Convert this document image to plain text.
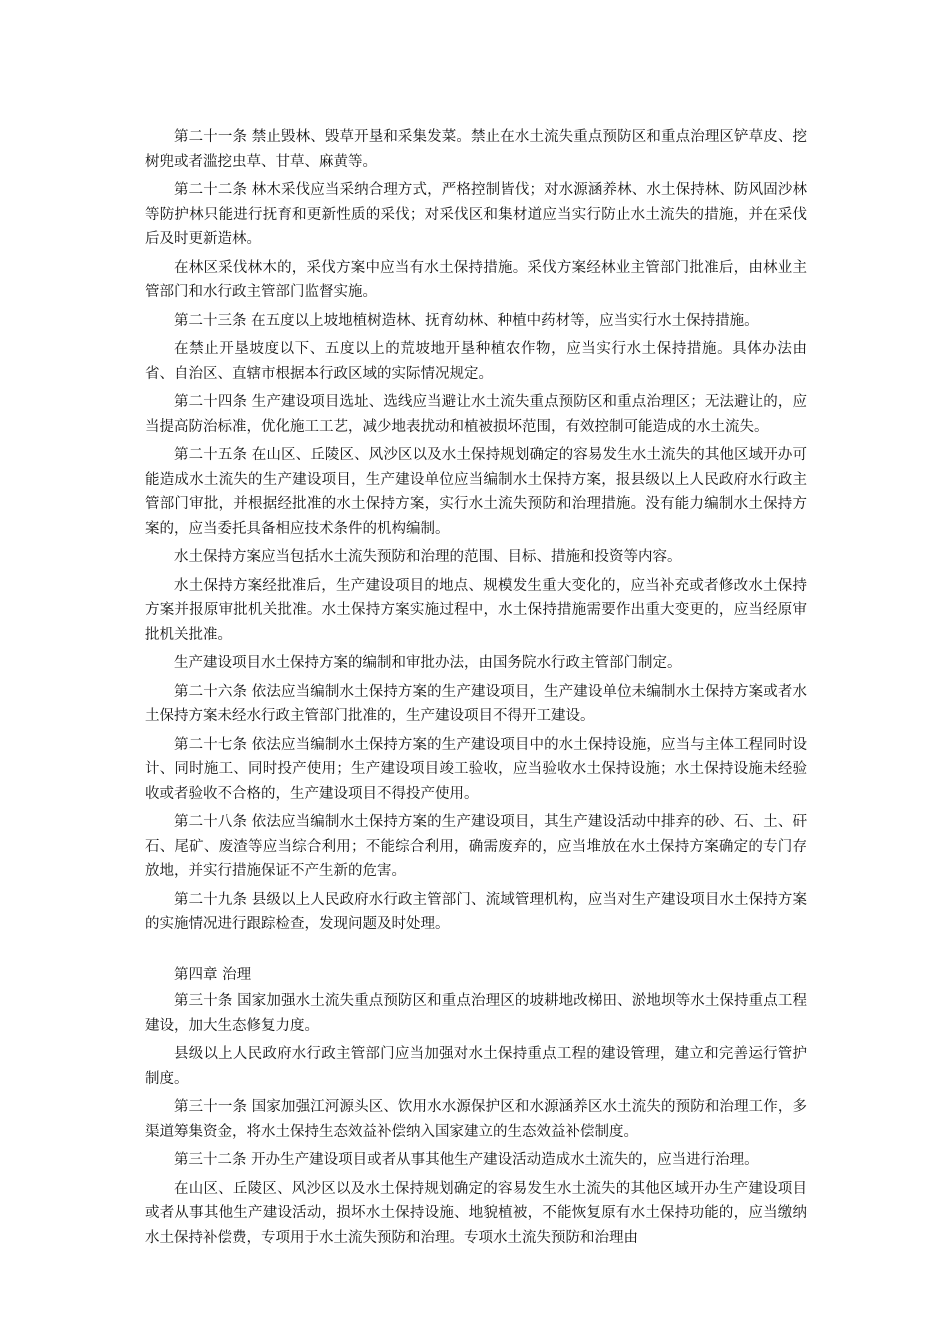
第二十一条 禁止毁林、毁草开垦和采集发菜。禁止在水土流失重点预防区和重点治理区铲草皮、挖树兜或者滥挖虫草、甘草、麻黄等。

第二十二条 林木采伐应当采纳合理方式，严格控制皆伐；对水源涵养林、水土保持林、防风固沙林等防护林只能进行抚育和更新性质的采伐；对采伐区和集材道应当实行防止水土流失的措施，并在采伐后及时更新造林。

在林区采伐林木的，采伐方案中应当有水土保持措施。采伐方案经林业主管部门批准后，由林业主管部门和水行政主管部门监督实施。

第二十三条 在五度以上坡地植树造林、抚育幼林、种植中药材等，应当实行水土保持措施。

在禁止开垦坡度以下、五度以上的荒坡地开垦种植农作物，应当实行水土保持措施。具体办法由省、自治区、直辖市根据本行政区域的实际情况规定。

第二十四条 生产建设项目选址、选线应当避让水土流失重点预防区和重点治理区；无法避让的，应当提高防治标准，优化施工工艺，减少地表扰动和植被损坏范围，有效控制可能造成的水土流失。

第二十五条 在山区、丘陵区、风沙区以及水土保持规划确定的容易发生水土流失的其他区域开办可能造成水土流失的生产建设项目，生产建设单位应当编制水土保持方案，报县级以上人民政府水行政主管部门审批，并根据经批准的水土保持方案，实行水土流失预防和治理措施。没有能力编制水土保持方案的，应当委托具备相应技术条件的机构编制。

水土保持方案应当包括水土流失预防和治理的范围、目标、措施和投资等内容。

水土保持方案经批准后，生产建设项目的地点、规模发生重大变化的，应当补充或者修改水土保持方案并报原审批机关批准。水土保持方案实施过程中，水土保持措施需要作出重大变更的，应当经原审批机关批准。

生产建设项目水土保持方案的编制和审批办法，由国务院水行政主管部门制定。

第二十六条 依法应当编制水土保持方案的生产建设项目，生产建设单位未编制水土保持方案或者水土保持方案未经水行政主管部门批准的，生产建设项目不得开工建设。

第二十七条 依法应当编制水土保持方案的生产建设项目中的水土保持设施，应当与主体工程同时设计、同时施工、同时投产使用；生产建设项目竣工验收，应当验收水土保持设施；水土保持设施未经验收或者验收不合格的，生产建设项目不得投产使用。

第二十八条 依法应当编制水土保持方案的生产建设项目，其生产建设活动中排弃的砂、石、土、矸石、尾矿、废渣等应当综合利用；不能综合利用，确需废弃的，应当堆放在水土保持方案确定的专门存放地，并实行措施保证不产生新的危害。

第二十九条 县级以上人民政府水行政主管部门、流域管理机构，应当对生产建设项目水土保持方案的实施情况进行跟踪检查，发现问题及时处理。

第四章 治理

第三十条 国家加强水土流失重点预防区和重点治理区的坡耕地改梯田、淤地坝等水土保持重点工程建设，加大生态修复力度。

县级以上人民政府水行政主管部门应当加强对水土保持重点工程的建设管理，建立和完善运行管护制度。

第三十一条 国家加强江河源头区、饮用水水源保护区和水源涵养区水土流失的预防和治理工作，多渠道筹集资金，将水土保持生态效益补偿纳入国家建立的生态效益补偿制度。

第三十二条 开办生产建设项目或者从事其他生产建设活动造成水土流失的，应当进行治理。

在山区、丘陵区、风沙区以及水土保持规划确定的容易发生水土流失的其他区域开办生产建设项目或者从事其他生产建设活动，损坏水土保持设施、地貌植被，不能恢复原有水土保持功能的，应当缴纳水土保持补偿费，专项用于水土流失预防和治理。专项水土流失预防和治理由
